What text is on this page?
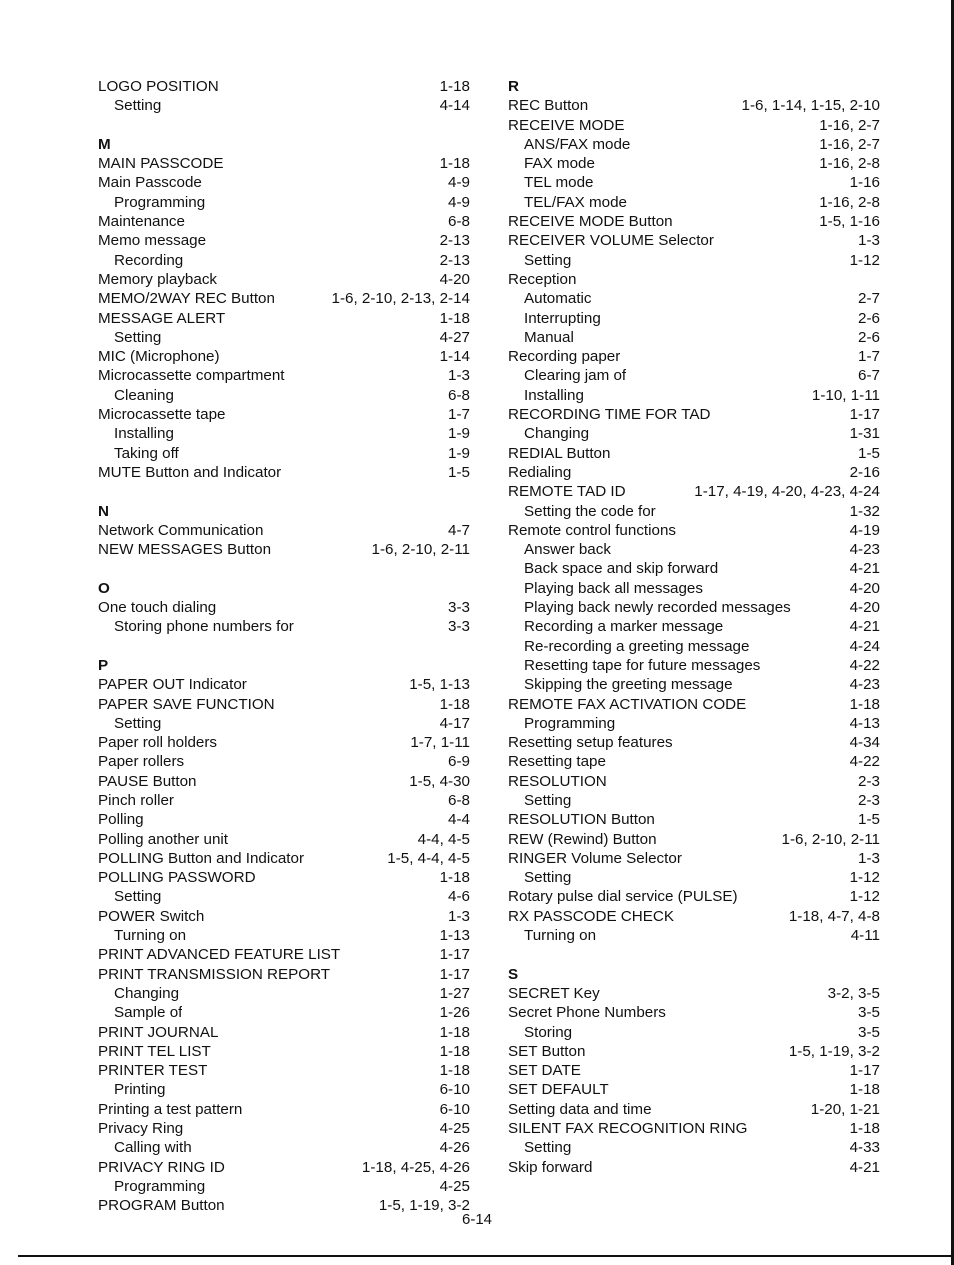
LOGO POSITION	1-18
Setting	4-14
M
MAIN PASSCODE	1-18
Main Passcode	4-9
Programming	4-9
Maintenance	6-8
Memo message	2-13
Recording	2-13
Memory playback	4-20
MEMO/2WAY REC Button	1-6, 2-10, 2-13, 2-14
MESSAGE ALERT	1-18
Setting	4-27
MIC (Microphone)	1-14
Microcassette compartment	1-3
Cleaning	6-8
Microcassette tape	1-7
Installing	1-9
Taking off	1-9
MUTE Button and Indicator	1-5
N
Network Communication	4-7
NEW MESSAGES Button	1-6, 2-10, 2-11
O
One touch dialing	3-3
Storing phone numbers for	3-3
P
PAPER OUT Indicator	1-5, 1-13
PAPER SAVE FUNCTION	1-18
Setting	4-17
Paper roll holders	1-7, 1-11
Paper rollers	6-9
PAUSE Button	1-5, 4-30
Pinch roller	6-8
Polling	4-4
Polling another unit	4-4, 4-5
POLLING Button and Indicator	1-5, 4-4, 4-5
POLLING PASSWORD	1-18
Setting	4-6
POWER Switch	1-3
Turning on	1-13
PRINT ADVANCED FEATURE LIST	1-17
PRINT TRANSMISSION REPORT	1-17
Changing	1-27
Sample of	1-26
PRINT JOURNAL	1-18
PRINT TEL LIST	1-18
PRINTER TEST	1-18
Printing	6-10
Printing a test pattern	6-10
Privacy Ring	4-25
Calling with	4-26
PRIVACY RING ID	1-18, 4-25, 4-26
Programming	4-25
PROGRAM Button	1-5, 1-19, 3-2
R
REC Button	1-6, 1-14, 1-15, 2-10
RECEIVE MODE	1-16, 2-7
ANS/FAX mode	1-16, 2-7
FAX mode	1-16, 2-8
TEL mode	1-16
TEL/FAX mode	1-16, 2-8
RECEIVE MODE Button	1-5, 1-16
RECEIVER VOLUME Selector	1-3
Setting	1-12
Reception
Automatic	2-7
Interrupting	2-6
Manual	2-6
Recording paper	1-7
Clearing jam of	6-7
Installing	1-10, 1-11
RECORDING TIME FOR TAD	1-17
Changing	1-31
REDIAL Button	1-5
Redialing	2-16
REMOTE TAD ID	1-17, 4-19, 4-20, 4-23, 4-24
Setting the code for	1-32
Remote control functions	4-19
Answer back	4-23
Back space and skip forward	4-21
Playing back all messages	4-20
Playing back newly recorded messages	4-20
Recording a marker message	4-21
Re-recording a greeting message	4-24
Resetting tape for future messages	4-22
Skipping the greeting message	4-23
REMOTE FAX ACTIVATION CODE	1-18
Programming	4-13
Resetting setup features	4-34
Resetting tape	4-22
RESOLUTION	2-3
Setting	2-3
RESOLUTION Button	1-5
REW (Rewind) Button	1-6, 2-10, 2-11
RINGER Volume Selector	1-3
Setting	1-12
Rotary pulse dial service (PULSE)	1-12
RX PASSCODE CHECK	1-18, 4-7, 4-8
Turning on	4-11
S
SECRET Key	3-2, 3-5
Secret Phone Numbers	3-5
Storing	3-5
SET Button	1-5, 1-19, 3-2
SET DATE	1-17
SET DEFAULT	1-18
Setting data and time	1-20, 1-21
SILENT FAX RECOGNITION RING	1-18
Setting	4-33
Skip forward	4-21
6-14
